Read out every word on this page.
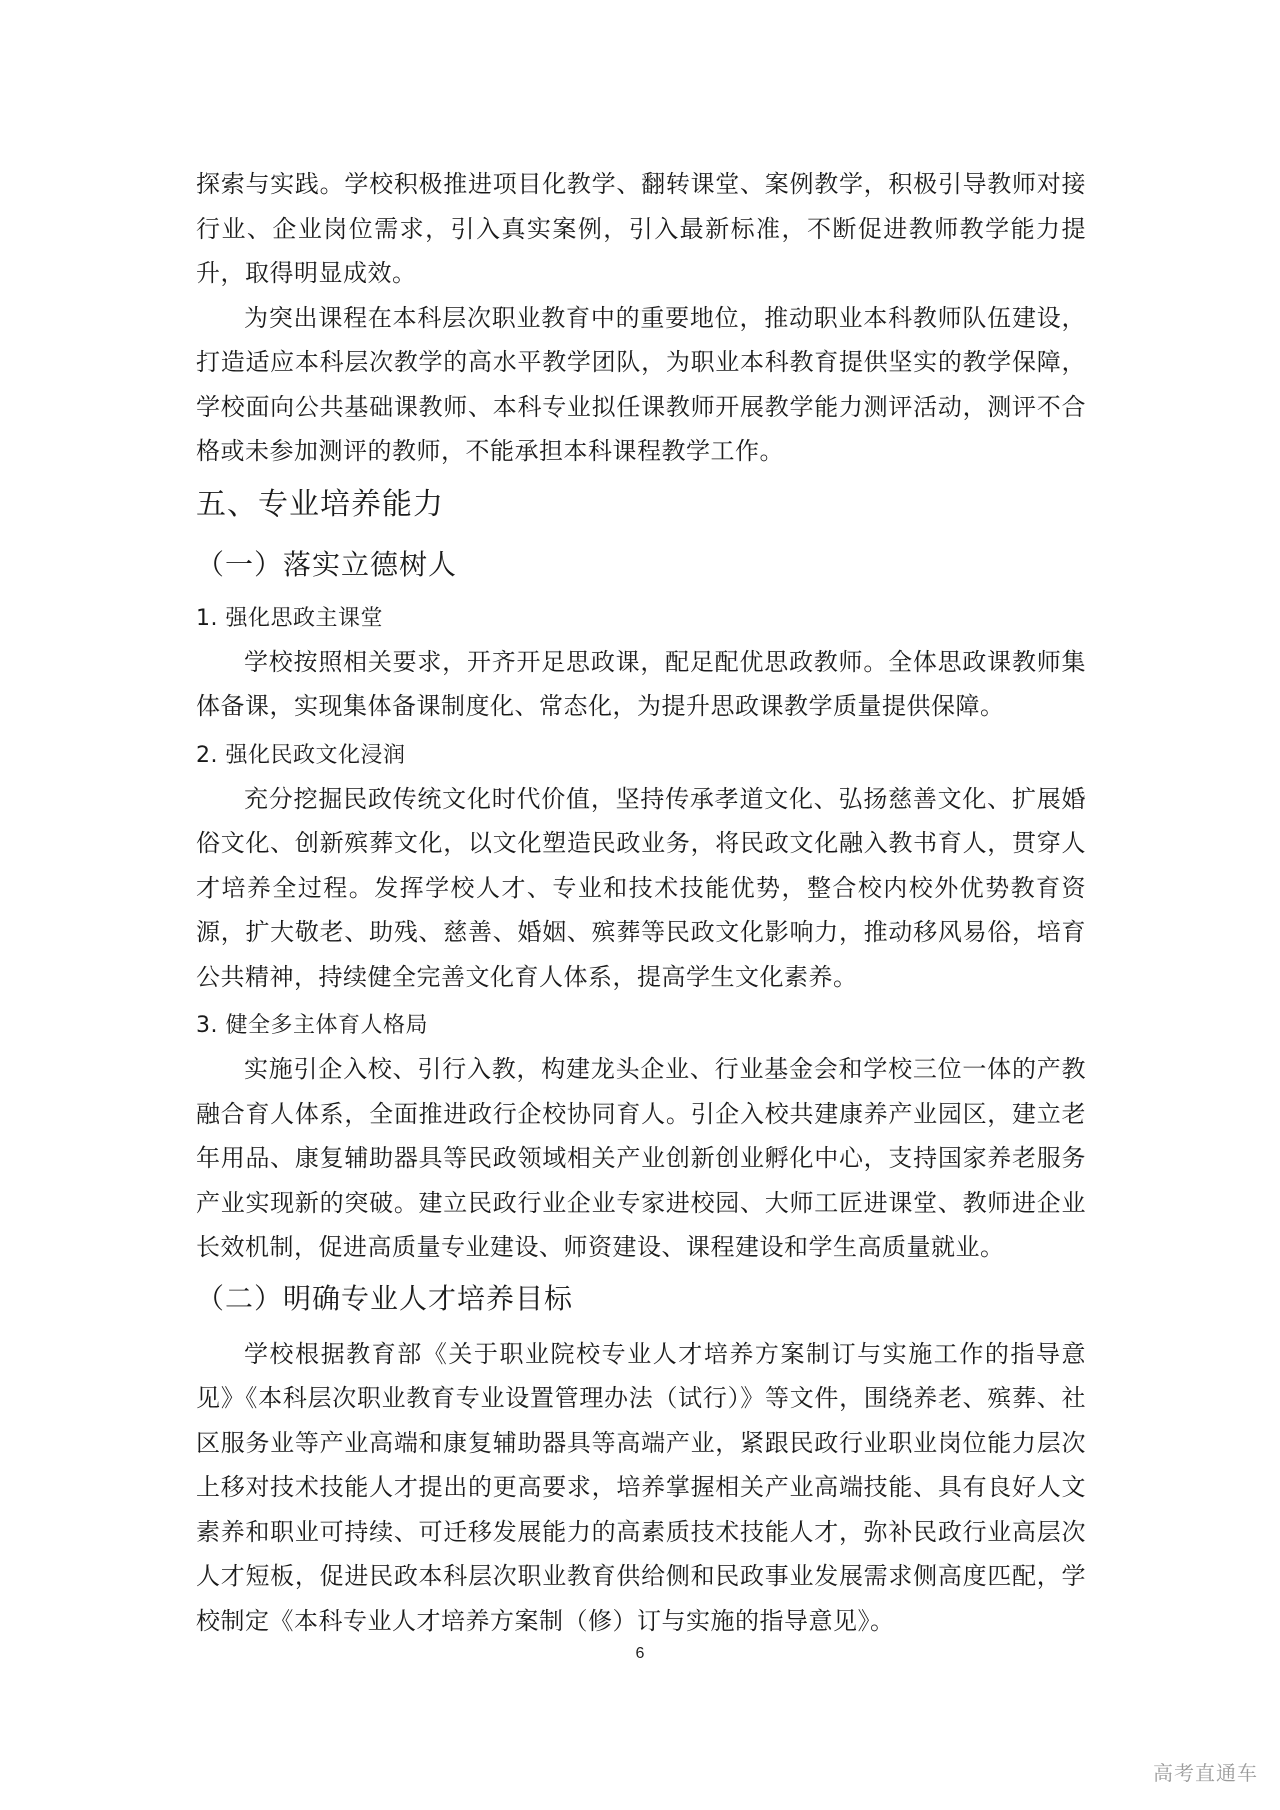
探索与实践。学校积极推进项目化教学、翻转课堂、案例教学，积极引导教师对接行业、企业岗位需求，引入真实案例，引入最新标准，不断促进教师教学能力提升，取得明显成效。

为突出课程在本科层次职业教育中的重要地位，推动职业本科教师队伍建设，打造适应本科层次教学的高水平教学团队，为职业本科教育提供坚实的教学保障，学校面向公共基础课教师、本科专业拟任课教师开展教学能力测评活动，测评不合格或未参加测评的教师，不能承担本科课程教学工作。

五、专业培养能力
（一）落实立德树人
1. 强化思政主课堂

学校按照相关要求，开齐开足思政课，配足配优思政教师。全体思政课教师集体备课，实现集体备课制度化、常态化，为提升思政课教学质量提供保障。

2. 强化民政文化浸润

充分挖掘民政传统文化时代价值，坚持传承孝道文化、弘扬慈善文化、扩展婚俗文化、创新殡葬文化，以文化塑造民政业务，将民政文化融入教书育人，贯穿人才培养全过程。发挥学校人才、专业和技术技能优势，整合校内校外优势教育资源，扩大敬老、助残、慈善、婚姻、殡葬等民政文化影响力，推动移风易俗，培育公共精神，持续健全完善文化育人体系，提高学生文化素养。

3. 健全多主体育人格局

实施引企入校、引行入教，构建龙头企业、行业基金会和学校三位一体的产教融合育人体系，全面推进政行企校协同育人。引企入校共建康养产业园区，建立老年用品、康复辅助器具等民政领域相关产业创新创业孵化中心，支持国家养老服务产业实现新的突破。建立民政行业企业专家进校园、大师工匠进课堂、教师进企业长效机制，促进高质量专业建设、师资建设、课程建设和学生高质量就业。

（二）明确专业人才培养目标

学校根据教育部《关于职业院校专业人才培养方案制订与实施工作的指导意见》《本科层次职业教育专业设置管理办法（试行）》等文件，围绕养老、殡葬、社区服务业等产业高端和康复辅助器具等高端产业，紧跟民政行业职业岗位能力层次上移对技术技能人才提出的更高要求，培养掌握相关产业高端技能、具有良好人文素养和职业可持续、可迁移发展能力的高素质技术技能人才，弥补民政行业高层次人才短板，促进民政本科层次职业教育供给侧和民政事业发展需求侧高度匹配，学校制定《本科专业人才培养方案制（修）订与实施的指导意见》。

6
高考直通车
